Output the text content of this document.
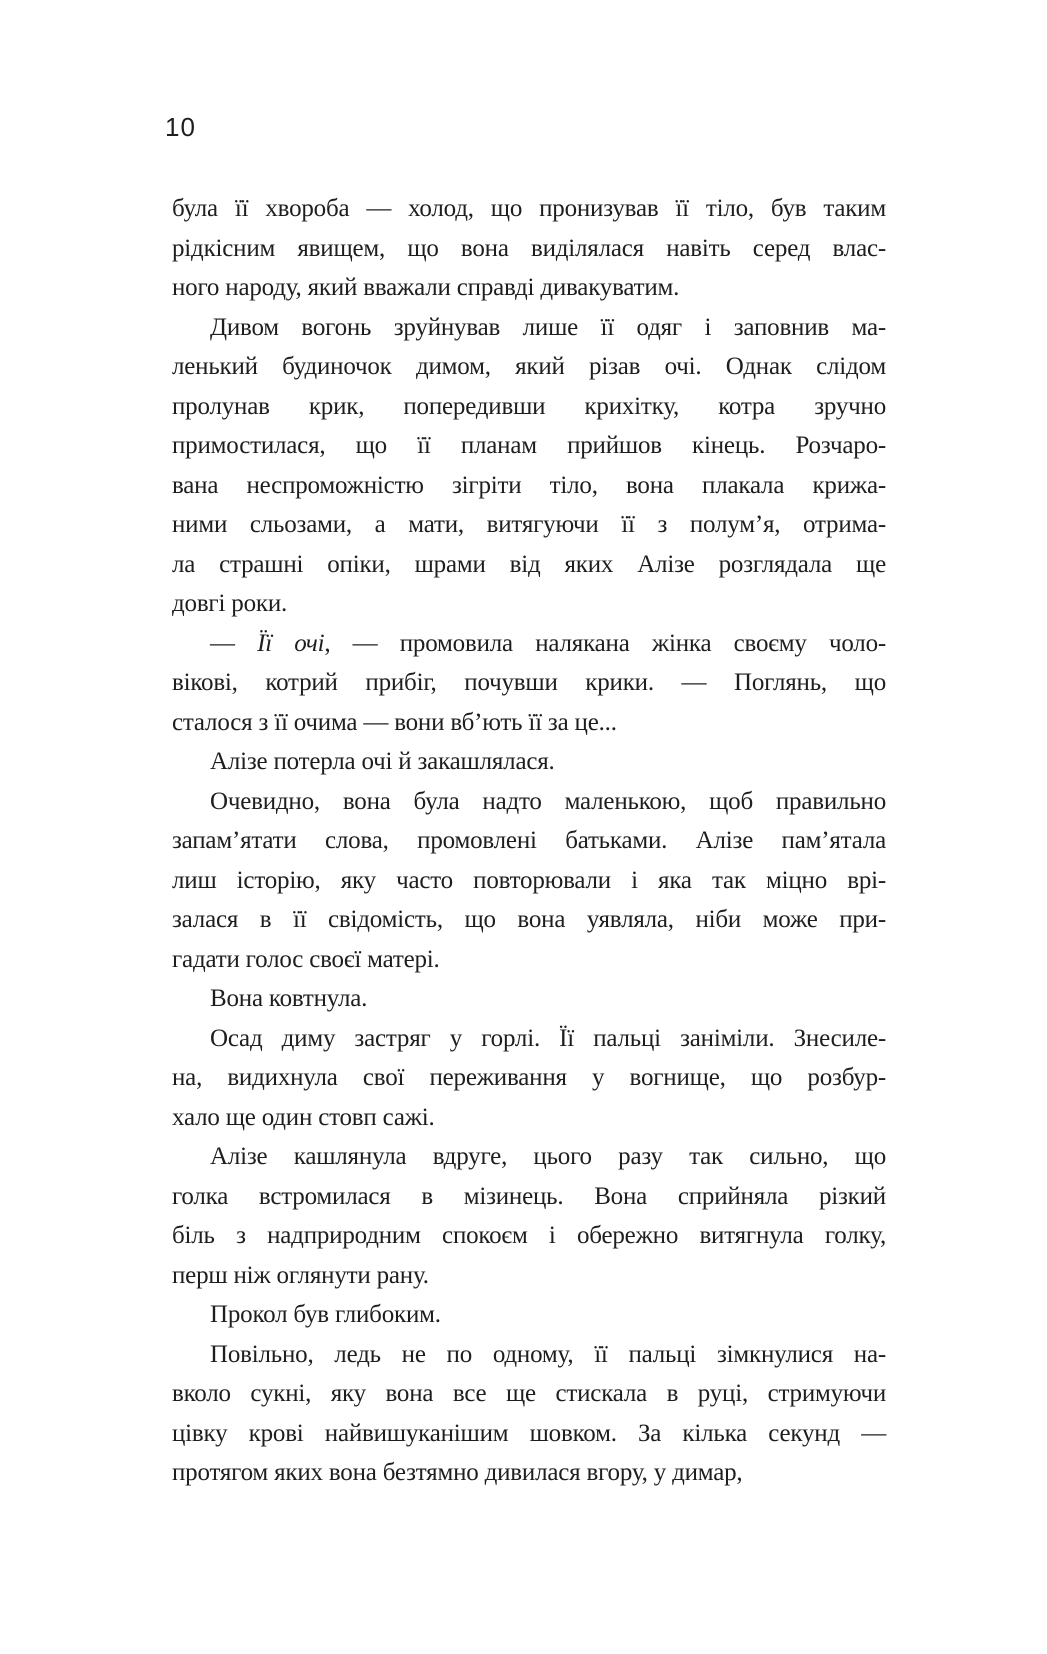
10
була її хвороба — холод, що пронизував її тіло, був таким
рідкісним явищем, що вона виділялася навіть серед влас-
ного народу, який вважали справді дивакуватим.
Дивом вогонь зруйнував лише її одяг і заповнив ма-
ленький будиночок димом, який різав очі. Однак слідом
пролунав крик, попередивши крихітку, котра зручно
примостилася, що її планам прийшов кінець. Розчаро-
вана неспроможністю зігріти тіло, вона плакала крижа-
ними сльозами, а мати, витягуючи її з полум’я, отрима-
ла страшні опіки, шрами від яких Алізе розглядала ще
довгі роки.
— Її очі, — промовила налякана жінка своєму чоло-
вікові, котрий прибіг, почувши крики. — Поглянь, що
сталося з її очима — вони вб’ють її за це...
Алізе потерла очі й закашлялася.
Очевидно, вона була надто маленькою, щоб правильно
запам’ятати слова, промовлені батьками. Алізе пам’ятала
лиш історію, яку часто повторювали і яка так міцно врі-
залася в її свідомість, що вона уявляла, ніби може при-
гадати голос своєї матері.
Вона ковтнула.
Осад диму застряг у горлі. Її пальці заніміли. Знесиле-
на, видихнула свої переживання у вогнище, що розбур-
хало ще один стовп сажі.
Алізе кашлянула вдруге, цього разу так сильно, що
голка встромилася в мізинець. Вона сприйняла різкий
біль з надприродним спокоєм і обережно витягнула голку,
перш ніж оглянути рану.
Прокол був глибоким.
Повільно, ледь не по одному, її пальці зімкнулися на-
вколо сукні, яку вона все ще стискала в руці, стримуючи
цівку крові найвишуканішим шовком. За кілька секунд —
протягом яких вона безтямно дивилася вгору, у димар,
